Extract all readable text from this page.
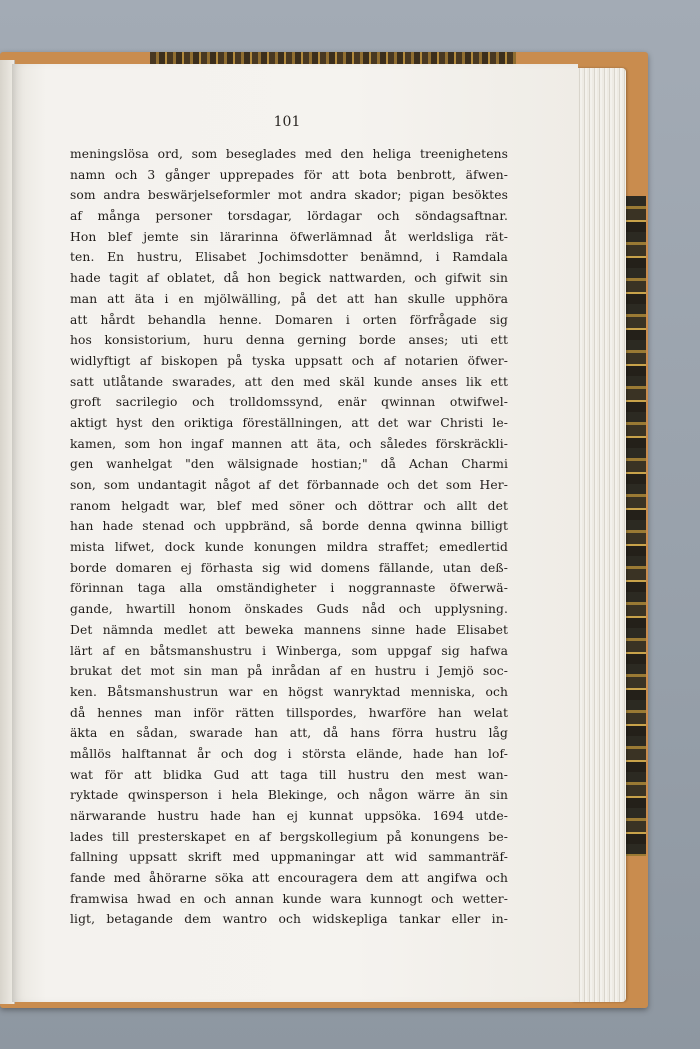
101
meningslösa ord, som beseglades med den heliga treenighetens
namn och 3 gånger upprepades för att bota benbrott, äfwen-
som andra beswärjelseformler mot andra skador; pigan besöktes
af många personer torsdagar, lördagar och söndagsaftnar.
Hon blef jemte sin lärarinna öfwerlämnad åt werldsliga rät-
ten. En hustru, Elisabet Jochimsdotter benämnd, i Ramdala
hade tagit af oblatet, då hon begick nattwarden, och gifwit sin
man att äta i en mjölwälling, på det att han skulle upphöra
att hårdt behandla henne. Domaren i orten förfrågade sig
hos konsistorium, huru denna gerning borde anses; uti ett
widlyftigt af biskopen på tyska uppsatt och af notarien öfwer-
satt utlåtande swarades, att den med skäl kunde anses lik ett
groft sacrilegio och trolldomssynd, enär qwinnan otwifwel-
aktigt hyst den oriktiga föreställningen, att det war Christi le-
kamen, som hon ingaf mannen att äta, och således förskräckli-
gen wanhelgat "den wälsignade hostian;" då Achan Charmi
son, som undantagit något af det förbannade och det som Her-
ranom helgadt war, blef med söner och döttrar och allt det
han hade stenad och uppbränd, så borde denna qwinna billigt
mista lifwet, dock kunde konungen mildra straffet; emedlertid
borde domaren ej förhasta sig wid domens fällande, utan deß-
förinnan taga alla omständigheter i noggrannaste öfwerwä-
gande, hwartill honom önskades Guds nåd och upplysning.
Det nämnda medlet att beweka mannens sinne hade Elisabet
lärt af en båtsmanshustru i Winberga, som uppgaf sig hafwa
brukat det mot sin man på inrådan af en hustru i Jemjö soc-
ken. Båtsmanshustrun war en högst wanryktad menniska, och
då hennes man inför rätten tillspordes, hwarföre han welat
äkta en sådan, swarade han att, då hans förra hustru låg
mållös halftannat år och dog i största elände, hade han lof-
wat för att blidka Gud att taga till hustru den mest wan-
ryktade qwinsperson i hela Blekinge, och någon wärre än sin
närwarande hustru hade han ej kunnat uppsöka. 1694 utde-
lades till presterskapet en af bergskollegium på konungens be-
fallning uppsatt skrift med uppmaningar att wid sammanträf-
fande med åhörarne söka att encouragera dem att angifwa och
framwisa hwad en och annan kunde wara kunnogt och wetter-
ligt, betagande dem wantro och widskepliga tankar eller in-
